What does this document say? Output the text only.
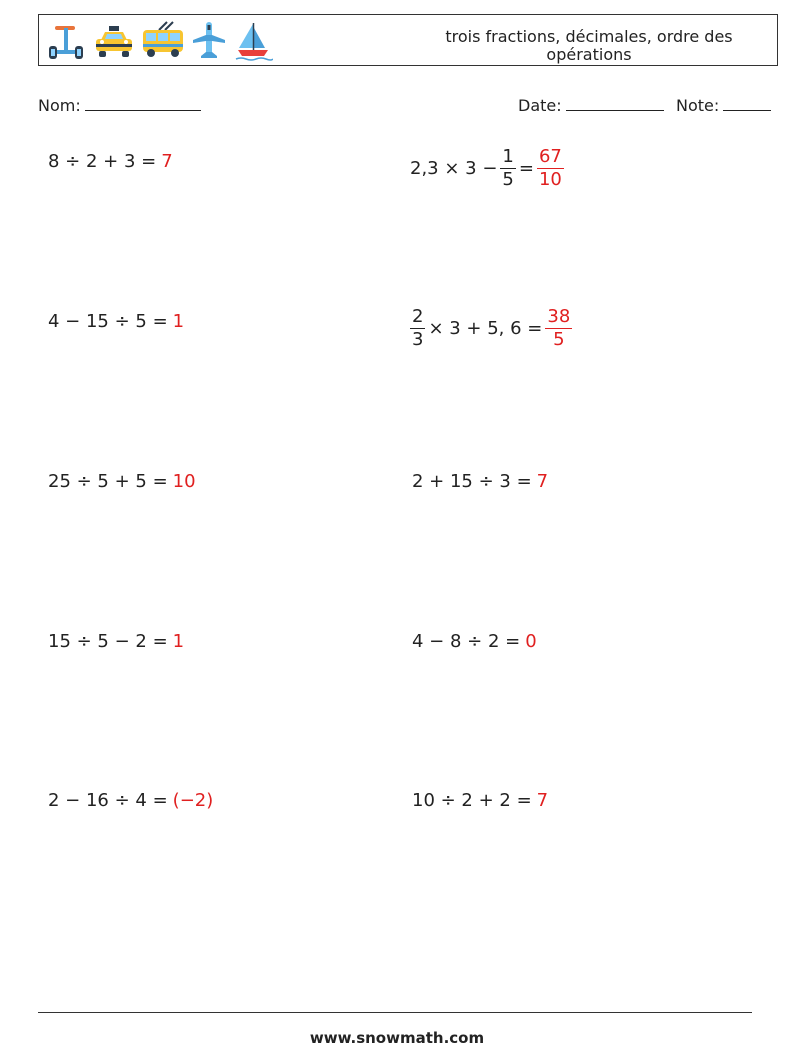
trois fractions, décimales, ordre des opérations
Nom:	Date:	Note:
8 ÷ 2 + 3 = 7	$2,3 \times 3 - \frac{1}{5} = \frac{67}{10}$
4 − 15 ÷ 5 = 1	$\frac{2}{3} \times 3 + 5$, $6 = \frac{38}{5}$
25 ÷ 5 + 5 = 10	2 + 15 ÷ 3 = 7
15 ÷ 5 − 2 = 1	4 − 8 ÷ 2 = 0
2 − 16 ÷ 4 = (−2)	10 ÷ 2 + 2 = 7
www.snowmath.com
